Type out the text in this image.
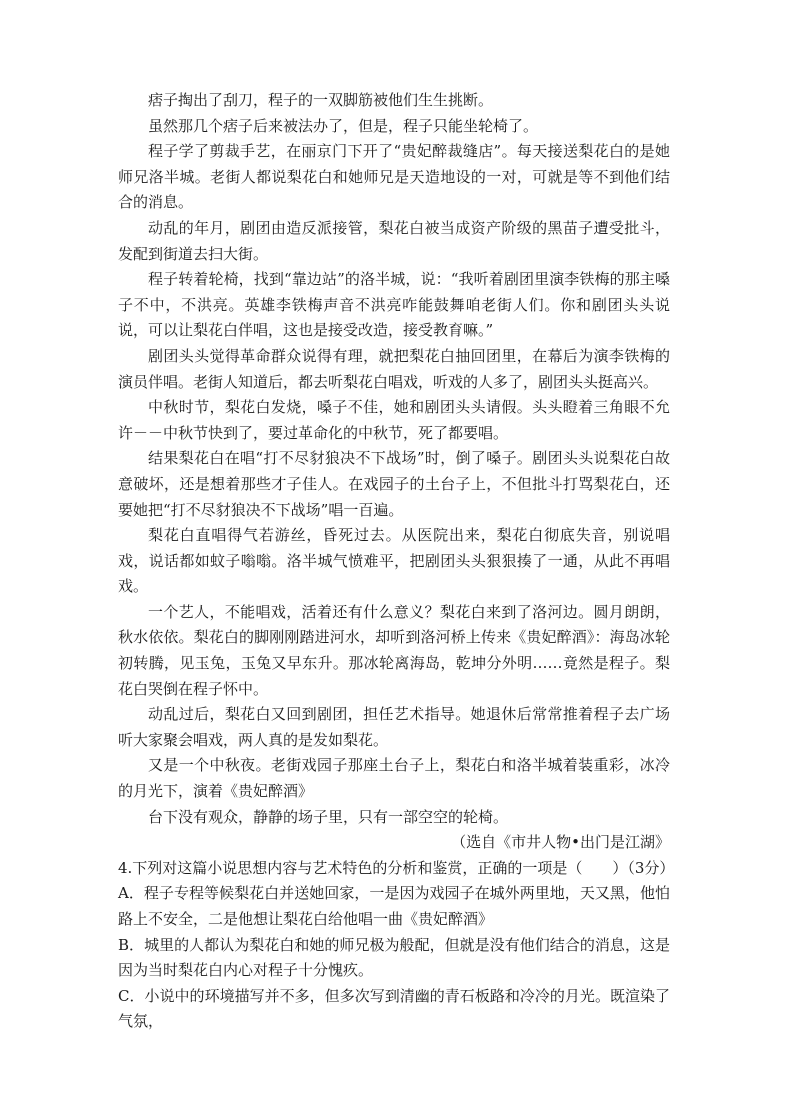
痞子掏出了刮刀，程子的一双脚筋被他们生生挑断。

虽然那几个痞子后来被法办了，但是，程子只能坐轮椅了。

程子学了剪裁手艺，在丽京门下开了“贵妃醉裁缝店”。每天接送梨花白的是她师兄洛半城。老街人都说梨花白和她师兄是天造地设的一对，可就是等不到他们结合的消息。

动乱的年月，剧团由造反派接管，梨花白被当成资产阶级的黑苗子遭受批斗，发配到街道去扫大街。

程子转着轮椅，找到“靠边站”的洛半城，说：“我听着剧团里演李铁梅的那主嗓子不中，不洪亮。英雄李铁梅声音不洪亮咋能鼓舞咱老街人们。你和剧团头头说说，可以让梨花白伴唱，这也是接受改造，接受教育嘛。”

剧团头头觉得革命群众说得有理，就把梨花白抽回团里，在幕后为演李铁梅的演员伴唱。老街人知道后，都去听梨花白唱戏，听戏的人多了，剧团头头挺高兴。

中秋时节，梨花白发烧，嗓子不佳，她和剧团头头请假。头头瞪着三角眼不允许－－中秋节快到了，要过革命化的中秋节，死了都要唱。

结果梨花白在唱“打不尽豺狼决不下战场”时，倒了嗓子。剧团头头说梨花白故意破坏，还是想着那些才子佳人。在戏园子的土台子上，不但批斗打骂梨花白，还要她把“打不尽豺狼决不下战场”唱一百遍。

梨花白直唱得气若游丝，昏死过去。从医院出来，梨花白彻底失音，别说唱戏，说话都如蚊子嗡嗡。洛半城气愤难平，把剧团头头狠狠揍了一通，从此不再唱戏。

一个艺人，不能唱戏，活着还有什么意义？梨花白来到了洛河边。圆月朗朗，秋水依依。梨花白的脚刚刚踏进河水，却听到洛河桥上传来《贵妃醉酒》：海岛冰轮初转腾，见玉兔，玉兔又早东升。那冰轮离海岛，乾坤分外明……竟然是程子。梨花白哭倒在程子怀中。

动乱过后，梨花白又回到剧团，担任艺术指导。她退休后常常推着程子去广场听大家聚会唱戏，两人真的是发如梨花。

又是一个中秋夜。老街戏园子那座土台子上，梨花白和洛半城着装重彩，冰冷的月光下，演着《贵妃醉酒》

台下没有观众，静静的场子里，只有一部空空的轮椅。

（选自《市井人物•出门是江湖》

4.下列对这篇小说思想内容与艺术特色的分析和鉴赏，正确的一项是（　　）（3分）

A．程子专程等候梨花白并送她回家，一是因为戏园子在城外两里地，天又黑，他怕路上不安全，二是他想让梨花白给他唱一曲《贵妃醉酒》

B．城里的人都认为梨花白和她的师兄极为般配，但就是没有他们结合的消息，这是因为当时梨花白内心对程子十分愧疚。

C．小说中的环境描写并不多，但多次写到清幽的青石板路和冷冷的月光。既渲染了气氛，
